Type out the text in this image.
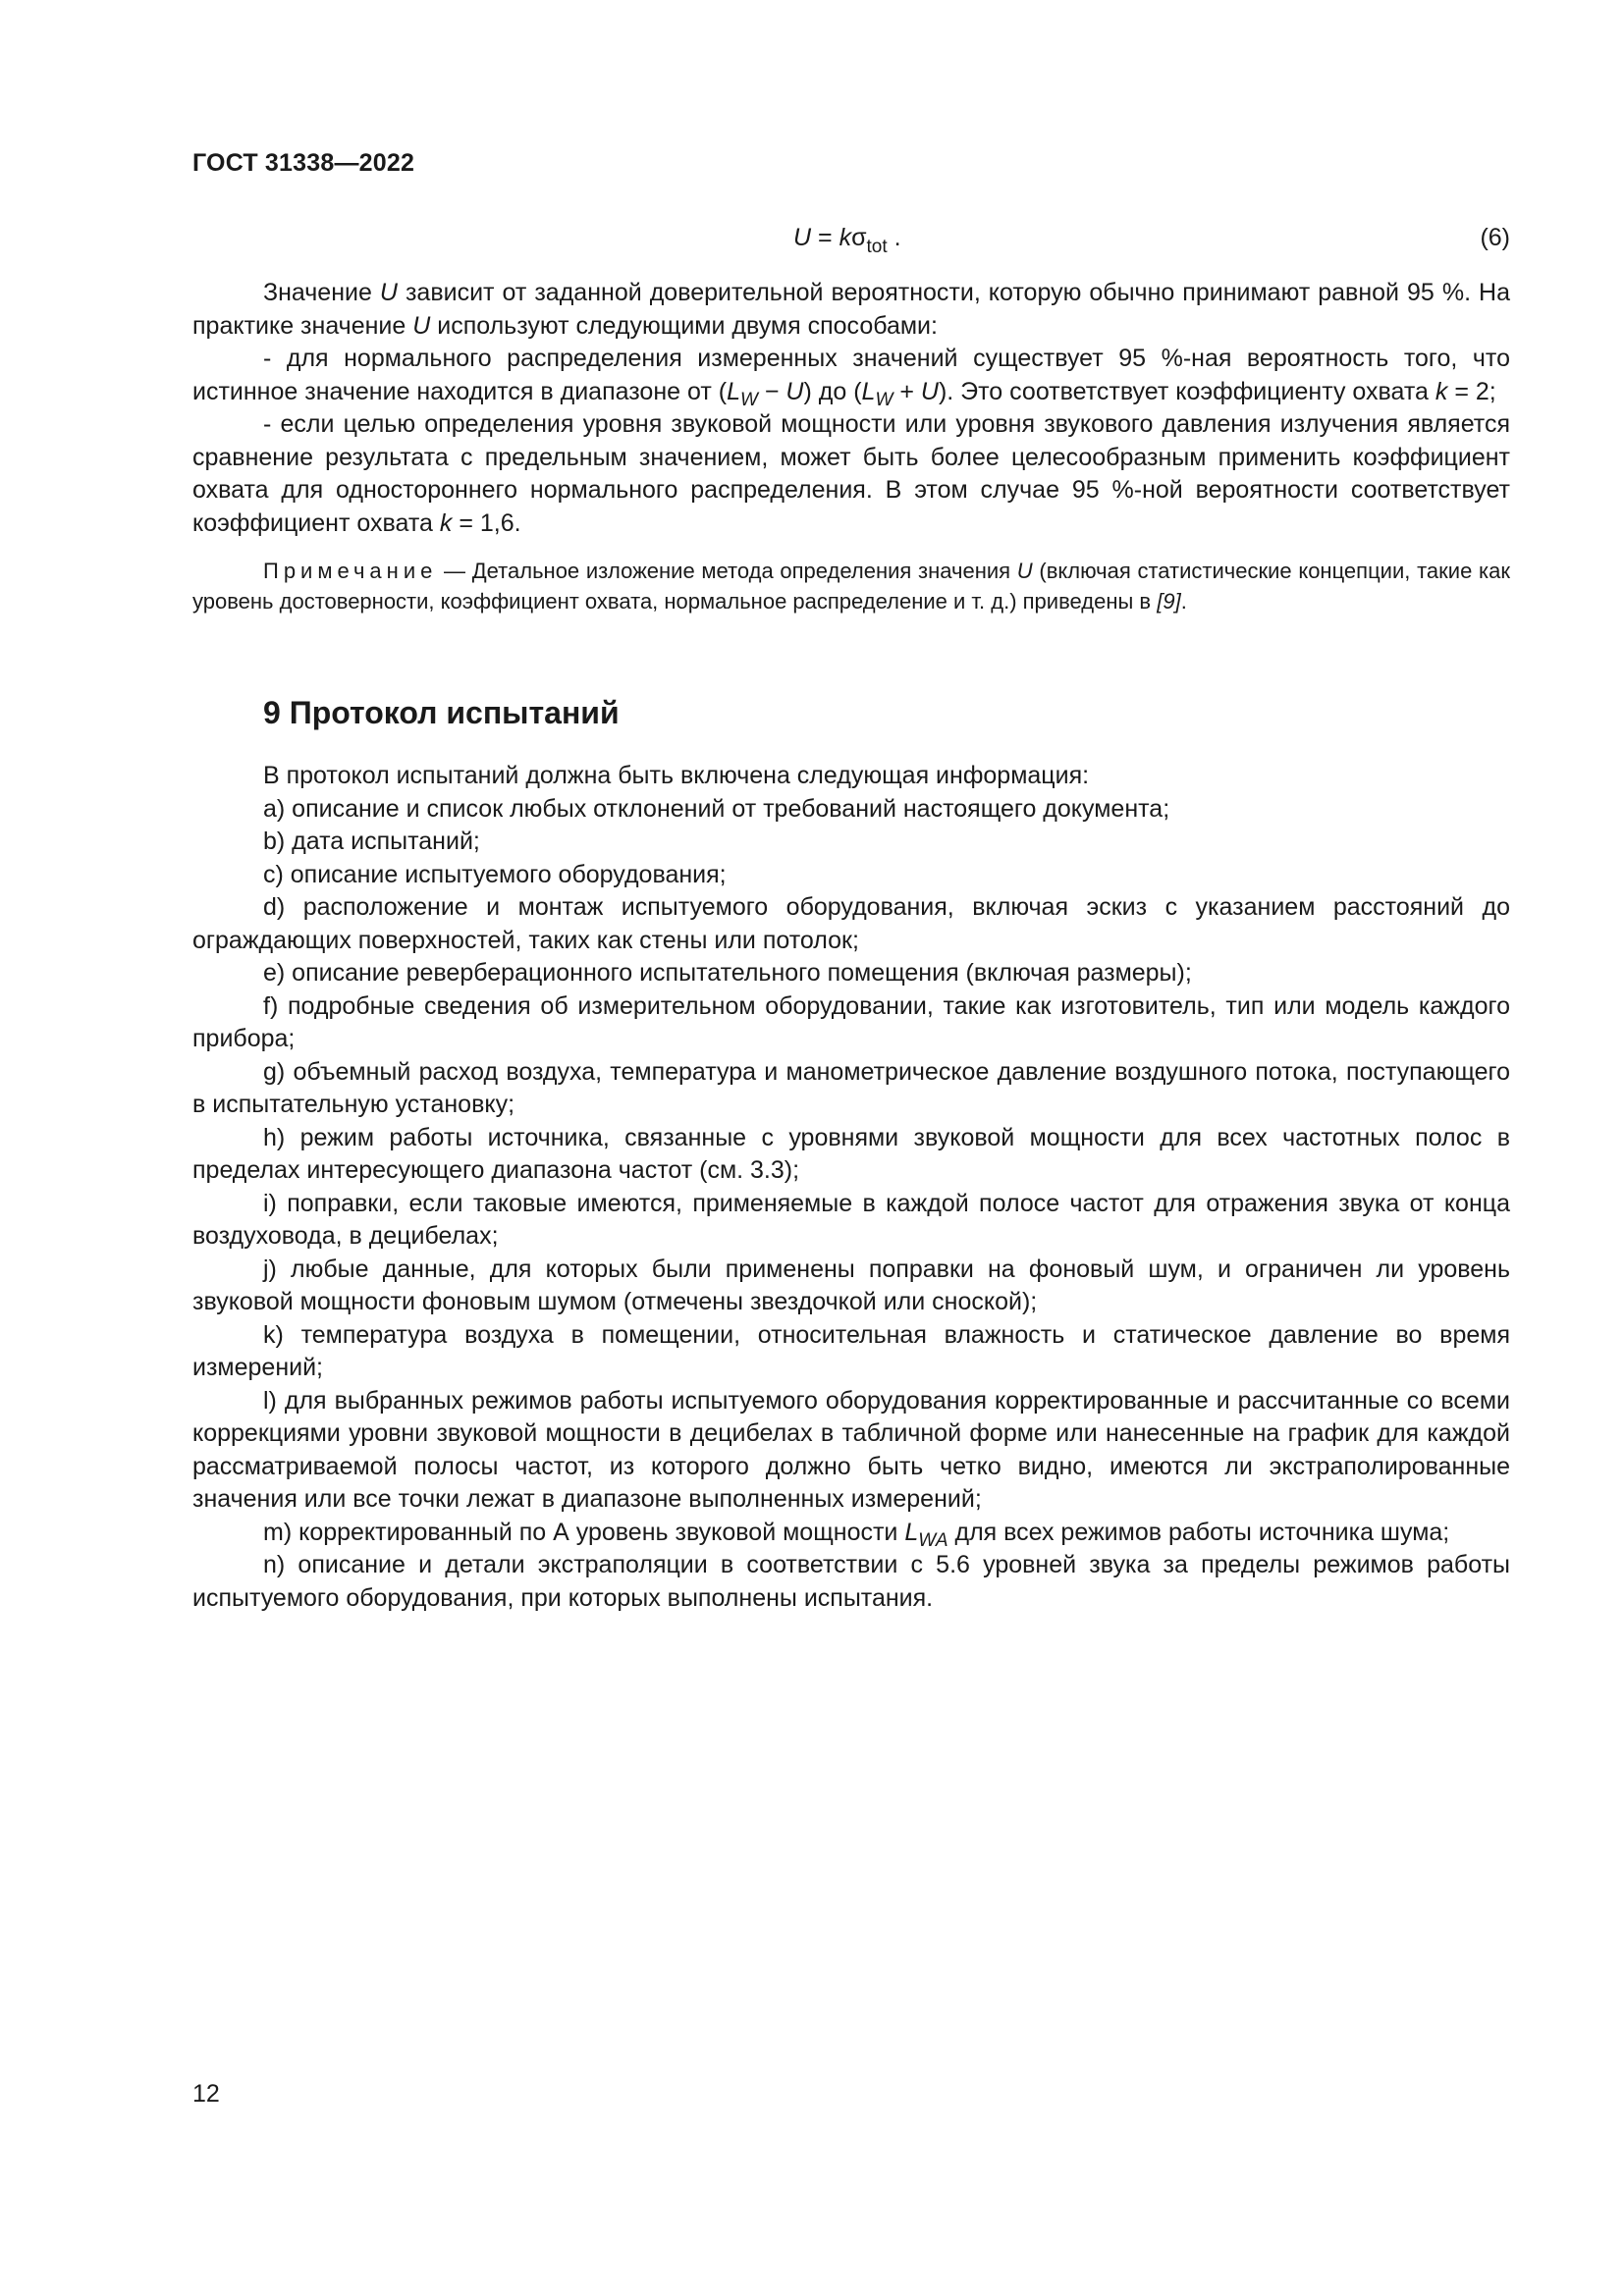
ГОСТ 31338—2022
$U = k\sigma_{tot}$ .	(6)

Значение U зависит от заданной доверительной вероятности, которую обычно принимают равной 95 %. На практике значение U используют следующими двумя способами:

- для нормального распределения измеренных значений существует 95 %-ная вероятность того, что истинное значение находится в диапазоне от $(L_W - U)$ до $(L_W + U)$. Это соответствует коэффициенту охвата k = 2;

- если целью определения уровня звуковой мощности или уровня звукового давления излучения является сравнение результата с предельным значением, может быть более целесообразным применить коэффициент охвата для одностороннего нормального распределения. В этом случае 95 %-ной вероятности соответствует коэффициент охвата k = 1,6.

Примечание — Детальное изложение метода определения значения U (включая статистические концепции, такие как уровень достоверности, коэффициент охвата, нормальное распределение и т. д.) приведены в [9].

9 Протокол испытаний

В протокол испытаний должна быть включена следующая информация:

a) описание и список любых отклонений от требований настоящего документа;

b) дата испытаний;

c) описание испытуемого оборудования;

d) расположение и монтаж испытуемого оборудования, включая эскиз с указанием расстояний до ограждающих поверхностей, таких как стены или потолок;

e) описание реверберационного испытательного помещения (включая размеры);

f) подробные сведения об измерительном оборудовании, такие как изготовитель, тип или модель каждого прибора;

g) объемный расход воздуха, температура и манометрическое давление воздушного потока, поступающего в испытательную установку;

h) режим работы источника, связанные с уровнями звуковой мощности для всех частотных полос в пределах интересующего диапазона частот (см. 3.3);

i) поправки, если таковые имеются, применяемые в каждой полосе частот для отражения звука от конца воздуховода, в децибелах;

j) любые данные, для которых были применены поправки на фоновый шум, и ограничен ли уровень звуковой мощности фоновым шумом (отмечены звездочкой или сноской);

k) температура воздуха в помещении, относительная влажность и статическое давление во время измерений;

l) для выбранных режимов работы испытуемого оборудования корректированные и рассчитанные со всеми коррекциями уровни звуковой мощности в децибелах в табличной форме или нанесенные на график для каждой рассматриваемой полосы частот, из которого должно быть четко видно, имеются ли экстраполированные значения или все точки лежат в диапазоне выполненных измерений;

m) корректированный по А уровень звуковой мощности $L_{WA}$ для всех режимов работы источника шума;

n) описание и детали экстраполяции в соответствии с 5.6 уровней звука за пределы режимов работы испытуемого оборудования, при которых выполнены испытания.

12
